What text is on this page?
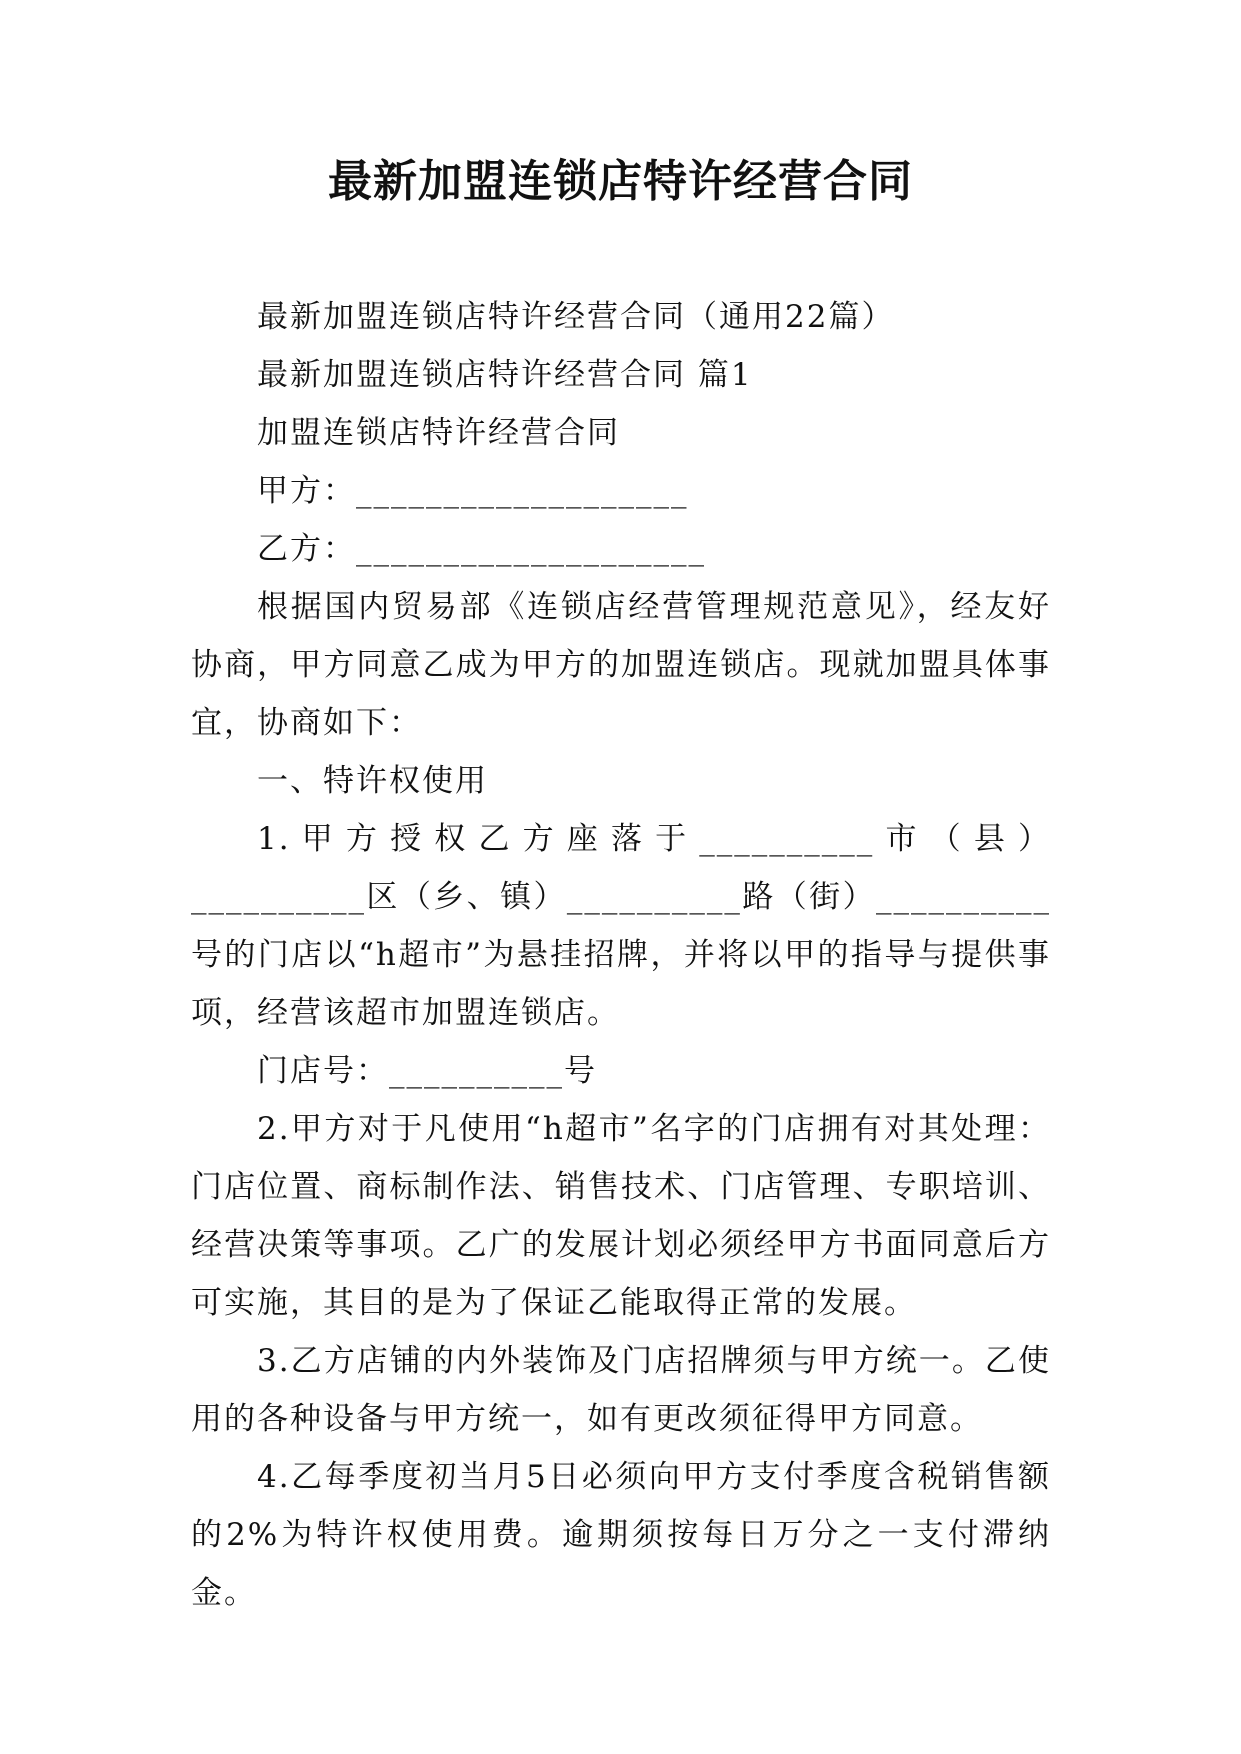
最新加盟连锁店特许经营合同

最新加盟连锁店特许经营合同（通用22篇）

最新加盟连锁店特许经营合同 篇1

加盟连锁店特许经营合同

甲方：___________________

乙方：____________________

根据国内贸易部《连锁店经营管理规范意见》，经友好协商，甲方同意乙成为甲方的加盟连锁店。现就加盟具体事宜，协商如下：

一、特许权使用

1.甲方授权乙方座落于__________市（县）__________区（乡、镇）__________路（街）__________号的门店以“h超市”为悬挂招牌，并将以甲的指导与提供事项，经营该超市加盟连锁店。

门店号：__________号

2.甲方对于凡使用“h超市”名字的门店拥有对其处理：门店位置、商标制作法、销售技术、门店管理、专职培训、经营决策等事项。乙广的发展计划必须经甲方书面同意后方可实施，其目的是为了保证乙能取得正常的发展。

3.乙方店铺的内外装饰及门店招牌须与甲方统一。乙使用的各种设备与甲方统一，如有更改须征得甲方同意。

4.乙每季度初当月5日必须向甲方支付季度含税销售额的2%为特许权使用费。逾期须按每日万分之一支付滞纳金。
